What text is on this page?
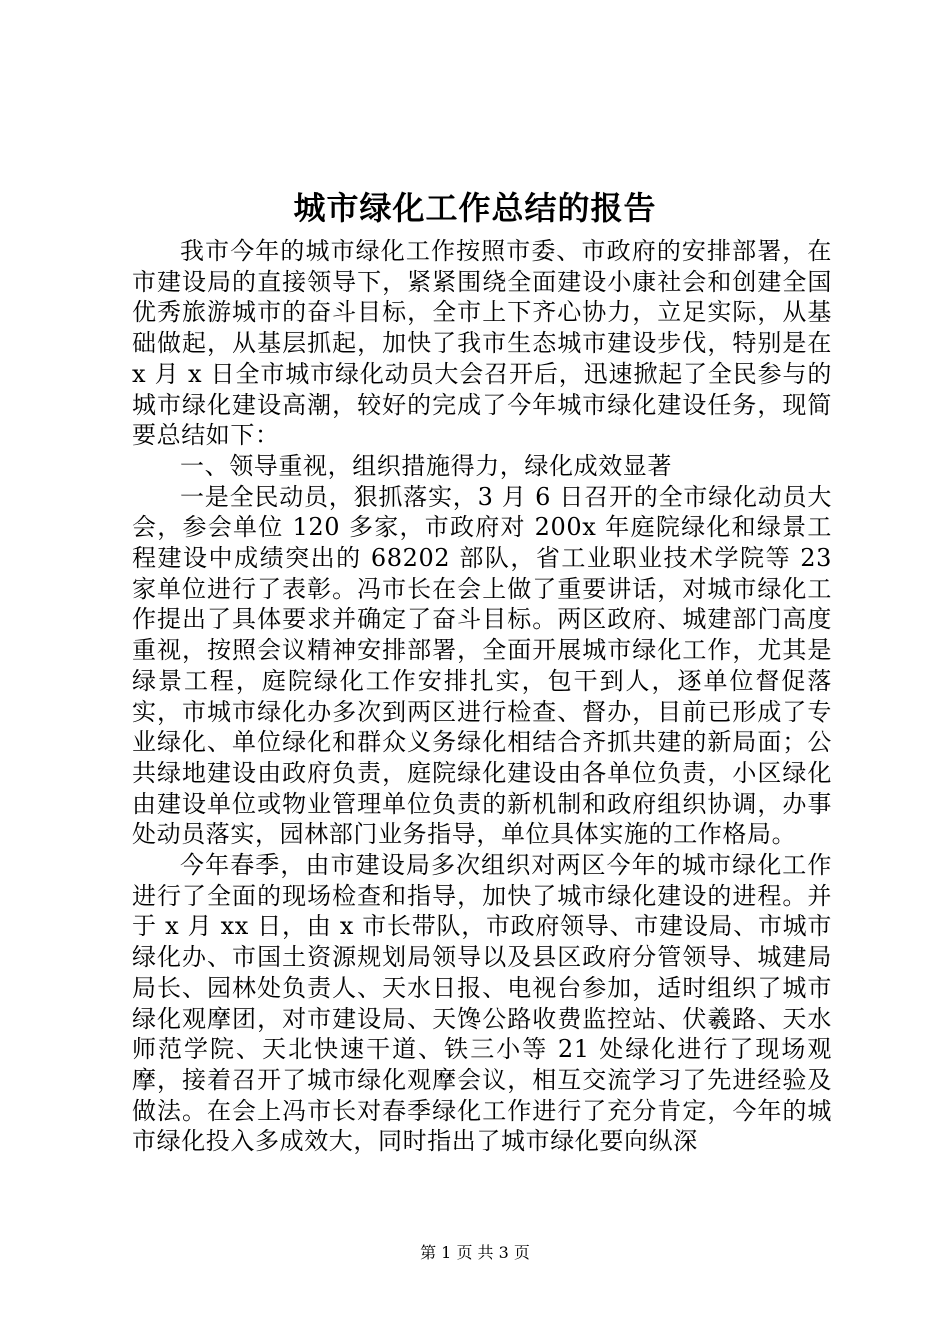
城市绿化工作总结的报告

我市今年的城市绿化工作按照市委、市政府的安排部署，在市建设局的直接领导下，紧紧围绕全面建设小康社会和创建全国优秀旅游城市的奋斗目标，全市上下齐心协力，立足实际，从基础做起，从基层抓起，加快了我市生态城市建设步伐，特别是在 x 月 x 日全市城市绿化动员大会召开后，迅速掀起了全民参与的城市绿化建设高潮，较好的完成了今年城市绿化建设任务，现简要总结如下：

一、领导重视，组织措施得力，绿化成效显著

一是全民动员，狠抓落实，3 月 6 日召开的全市绿化动员大会，参会单位 120 多家，市政府对 200x 年庭院绿化和绿景工程建设中成绩突出的 68202 部队，省工业职业技术学院等 23 家单位进行了表彰。冯市长在会上做了重要讲话，对城市绿化工作提出了具体要求并确定了奋斗目标。两区政府、城建部门高度重视，按照会议精神安排部署，全面开展城市绿化工作，尤其是绿景工程，庭院绿化工作安排扎实，包干到人，逐单位督促落实，市城市绿化办多次到两区进行检查、督办，目前已形成了专业绿化、单位绿化和群众义务绿化相结合齐抓共建的新局面；公共绿地建设由政府负责，庭院绿化建设由各单位负责，小区绿化由建设单位或物业管理单位负责的新机制和政府组织协调，办事处动员落实，园林部门业务指导，单位具体实施的工作格局。

今年春季，由市建设局多次组织对两区今年的城市绿化工作进行了全面的现场检查和指导，加快了城市绿化建设的进程。并于 x 月 xx 日，由 x 市长带队，市政府领导、市建设局、市城市绿化办、市国土资源规划局领导以及县区政府分管领导、城建局局长、园林处负责人、天水日报、电视台参加，适时组织了城市绿化观摩团，对市建设局、天馋公路收费监控站、伏羲路、天水师范学院、天北快速干道、铁三小等 21 处绿化进行了现场观摩，接着召开了城市绿化观摩会议，相互交流学习了先进经验及做法。在会上冯市长对春季绿化工作进行了充分肯定，今年的城市绿化投入多成效大，同时指出了城市绿化要向纵深

第 1 页 共 3 页
